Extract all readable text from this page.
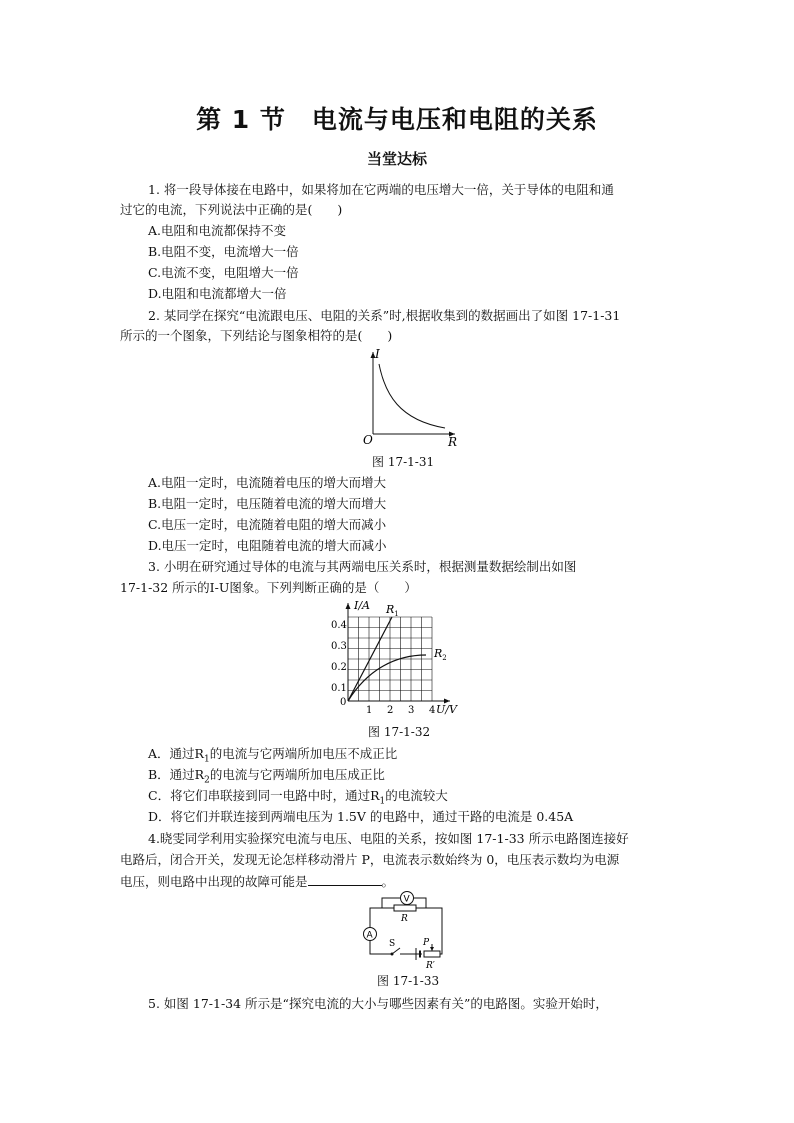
第 1 节　电流与电压和电阻的关系
当堂达标
1. 将一段导体接在电路中，如果将加在它两端的电压增大一倍，关于导体的电阻和通
过它的电流，下列说法中正确的是(　　)
A.电阻和电流都保持不变
B.电阻不变，电流增大一倍
C.电流不变，电阻增大一倍
D.电阻和电流都增大一倍
2. 某同学在探究“电流跟电压、电阻的关系”时,根据收集到的数据画出了如图 17-1-31
所示的一个图象，下列结论与图象相符的是(　　)
I
R
O
图 17-1-31
A.电阻一定时，电流随着电压的增大而增大
B.电阻一定时，电压随着电流的增大而增大
C.电压一定时，电流随着电阻的增大而减小
D.电压一定时，电阻随着电流的增大而减小
3. 小明在研究通过导体的电流与其两端电压关系时，根据测量数据绘制出如图
17-1-32 所示的I-U图象。下列判断正确的是（　　）
I/A
U/V
0
0.1
0.2
0.3
0.4
1 2 3 4
$R_1$
$R_2$
图 17-1-32
A．通过$R_1$的电流与它两端所加电压不成正比
B．通过$R_2$的电流与它两端所加电压成正比
C．将它们串联接到同一电路中时，通过$R_1$的电流较大
D．将它们并联连接到两端电压为 1.5V 的电路中，通过干路的电流是 0.45A
4.晓雯同学利用实验探究电流与电压、电阻的关系，按如图 17-1-33 所示电路图连接好
电路后，闭合开关，发现无论怎样移动滑片 P，电流表示数始终为 0，电压表示数均为电源
电压，则电路中出现的故障可能是	。
V
R
A
S	P
R′
图 17-1-33
5. 如图 17-1-34 所示是“探究电流的大小与哪些因素有关”的电路图。实验开始时，
